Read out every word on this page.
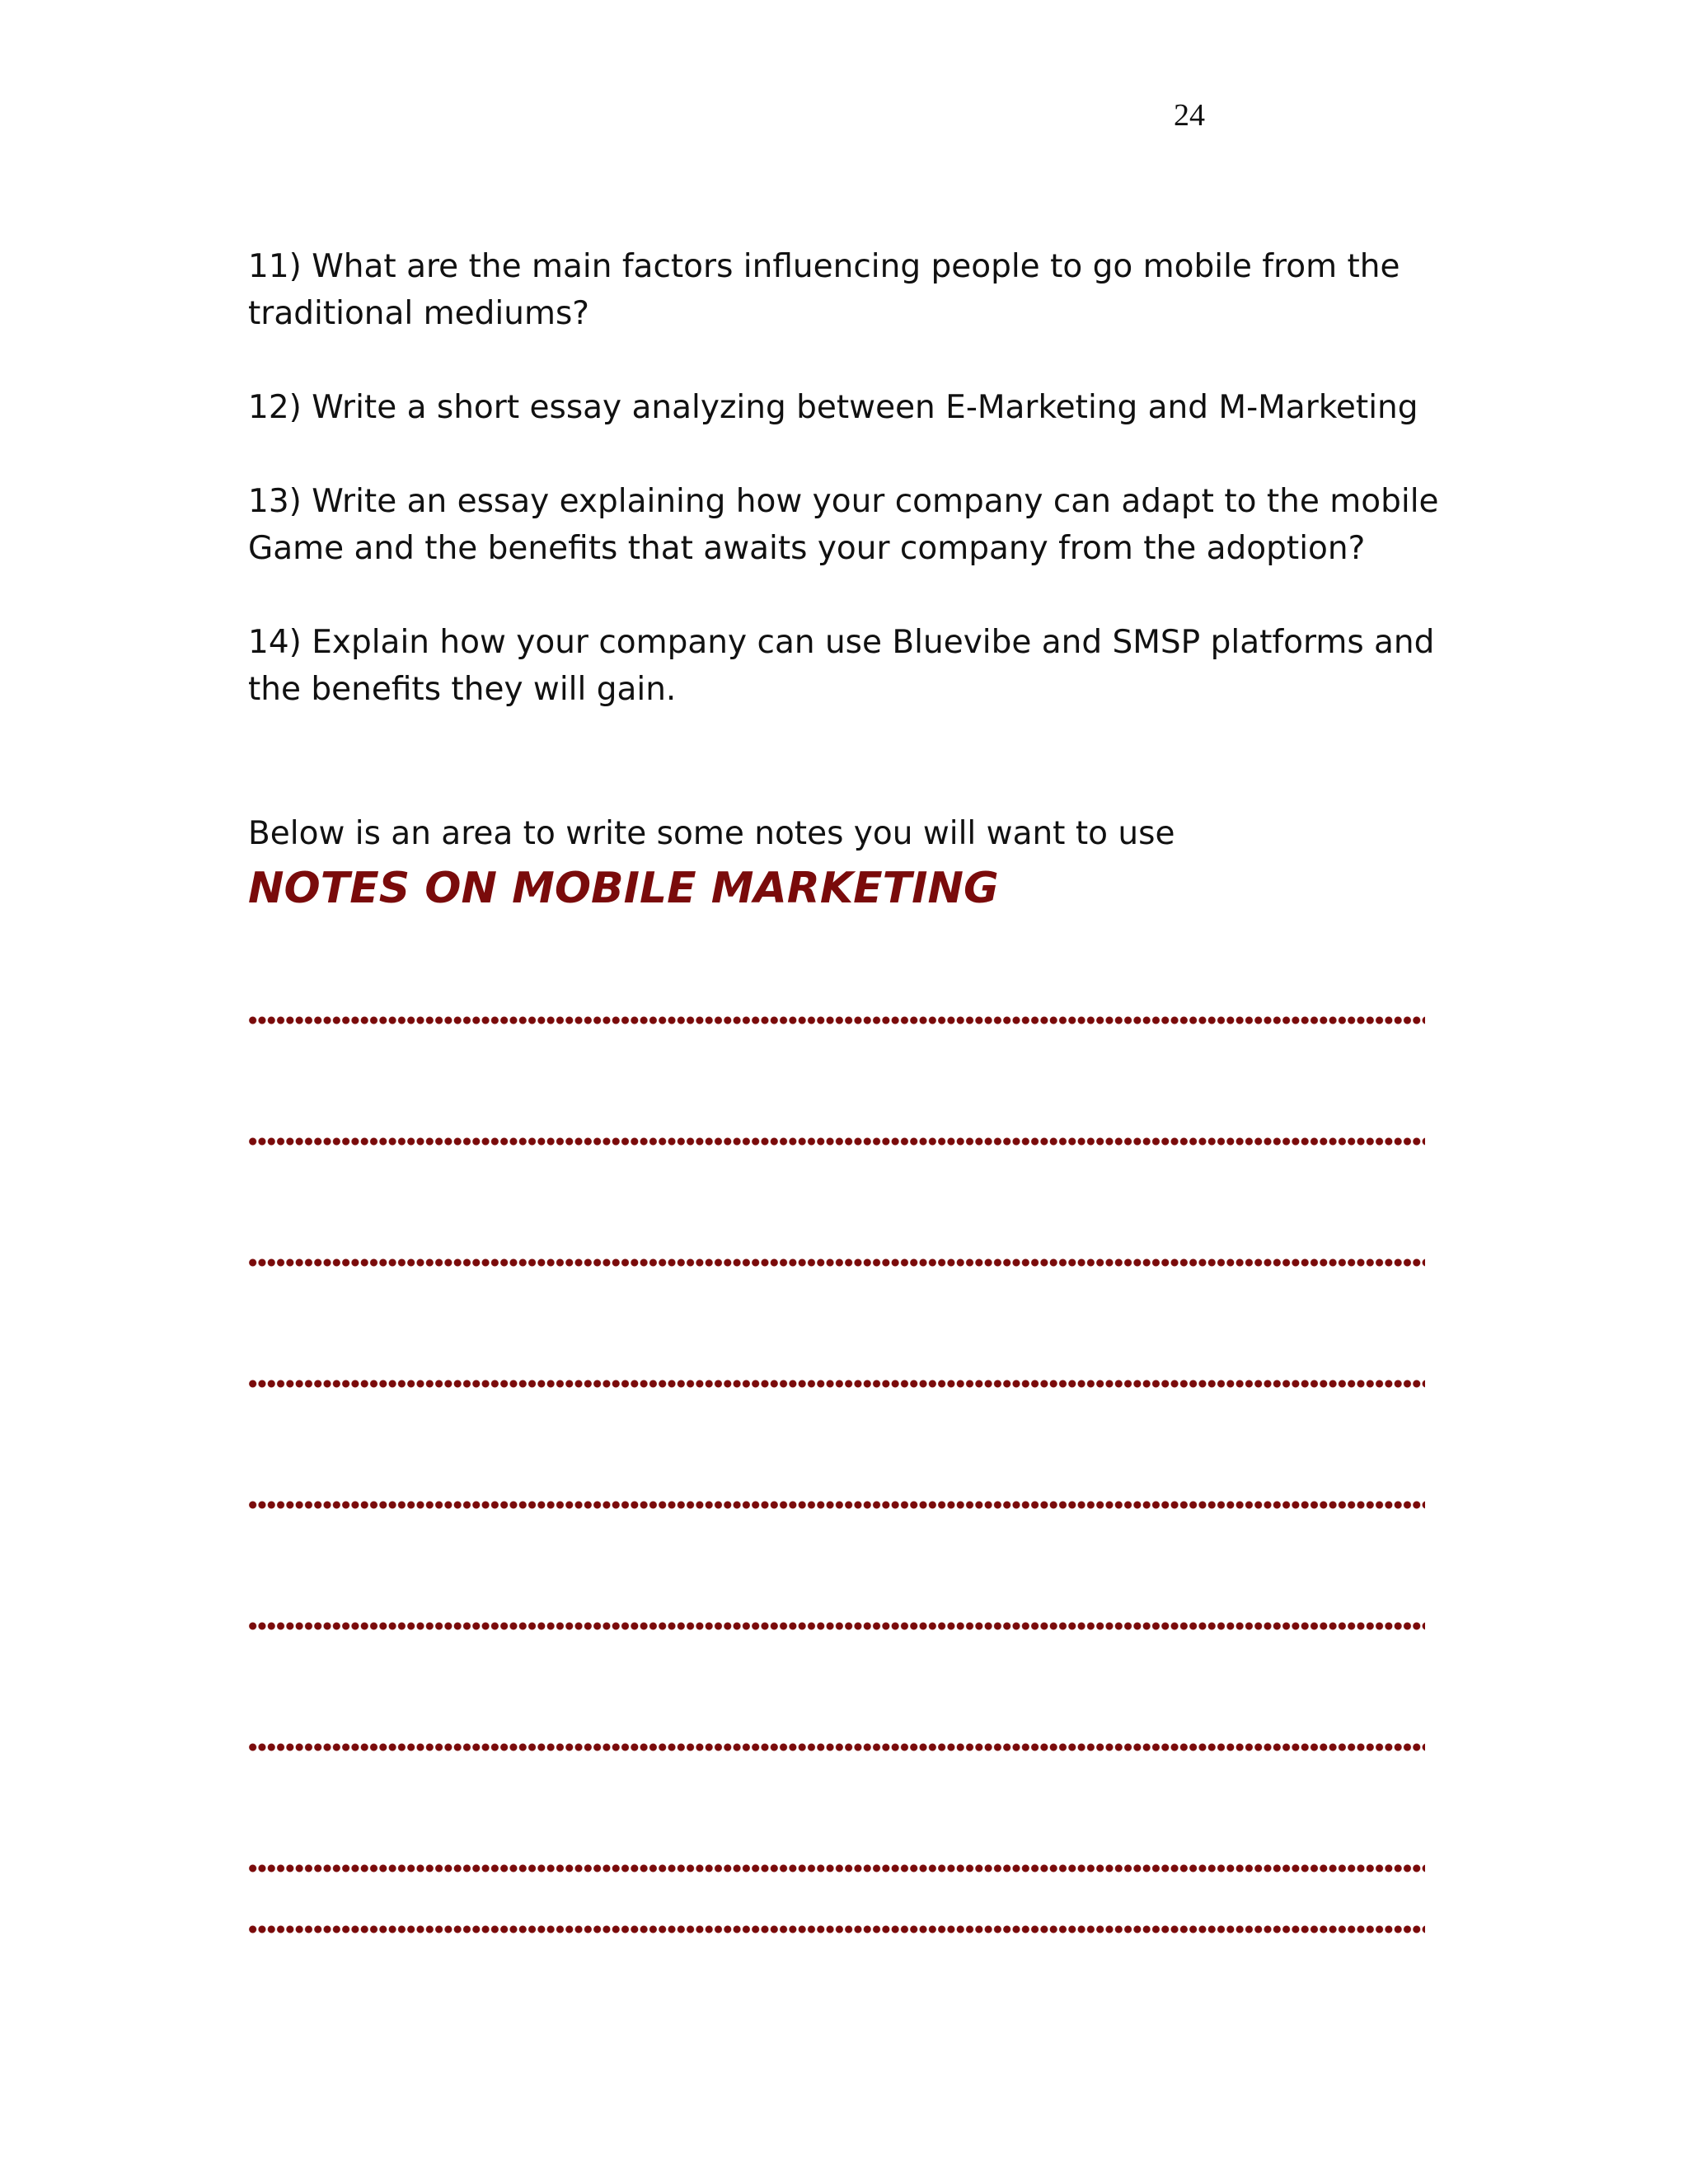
24

11) What are the main factors influencing people to go mobile from the
traditional mediums?

12) Write a short essay analyzing between E-Marketing and M-Marketing

13) Write an essay explaining how your company can adapt to the mobile
Game and the benefits that awaits your company from the adoption?

14) Explain how your company can use Bluevibe and SMSP platforms and
the benefits they will gain.

Below is an area to write some notes you will want to use
NOTES ON MOBILE MARKETING
